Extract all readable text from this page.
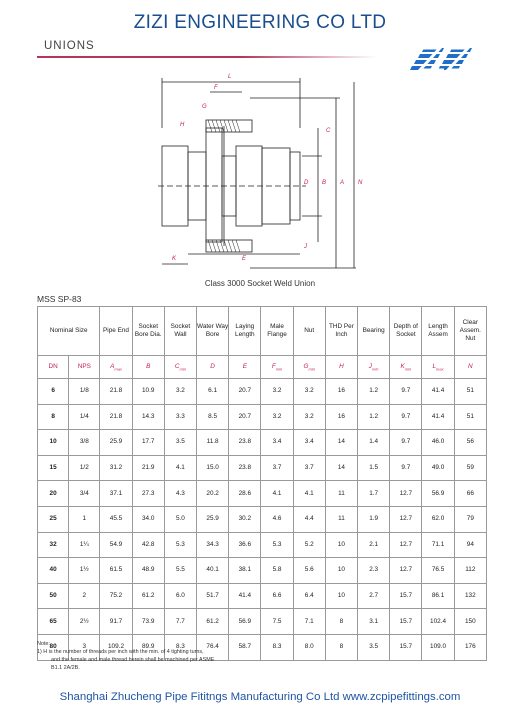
ZIZI ENGINEERING CO LTD
UNIONS
L
F
G
H
C
D B A N
J
K	E
Class 3000 Socket Weld Union
MSS SP-83
Nominal Size		Pipe End	Socket Bore Dia.	Socket Wall	Water Way Bore	Laying Length	Male Flange	Nut	THD Per Inch	Bearing	Depth of Socket	Length Assem	Clear Assem. Nut
DN	NPS	$A_{max}$	B	$C_{min}$	D	E	$F_{min}$	$G_{min}$	H	$J_{min}$	$K_{min}$	$L_{max}$	N
6	1/8	21.8	10.9	3.2	6.1	20.7	3.2	3.2	16	1.2	9.7	41.4	51
8	1/4	21.8	14.3	3.3	8.5	20.7	3.2	3.2	16	1.2	9.7	41.4	51
10	3/8	25.9	17.7	3.5	11.8	23.8	3.4	3.4	14	1.4	9.7	46.0	56
15	1/2	31.2	21.9	4.1	15.0	23.8	3.7	3.7	14	1.5	9.7	49.0	59
20	3/4	37.1	27.3	4.3	20.2	28.6	4.1	4.1	11	1.7	12.7	56.9	66
25	1	45.5	34.0	5.0	25.9	30.2	4.6	4.4	11	1.9	12.7	62.0	79
32	1¼	54.9	42.8	5.3	34.3	36.6	5.3	5.2	10	2.1	12.7	71.1	94
40	1½	61.5	48.9	5.5	40.1	38.1	5.8	5.6	10	2.3	12.7	76.5	112
50	2	75.2	61.2	6.0	51.7	41.4	6.6	6.4	10	2.7	15.7	86.1	132
65	2½	91.7	73.9	7.7	61.2	56.9	7.5	7.1	8	3.1	15.7	102.4	150
80	3	109.2	89.9	8.3	76.4	58.7	8.3	8.0	8	3.5	15.7	109.0	176
Note:
1) H is the number of threads per inch with the min. of 4 tighting turns,
and the female and male thread herein shall be machined per ASME
B1.1 2A/2B.
Shanghai Zhucheng Pipe Fititngs Manufacturing Co Ltd www.zcpipefittings.com
